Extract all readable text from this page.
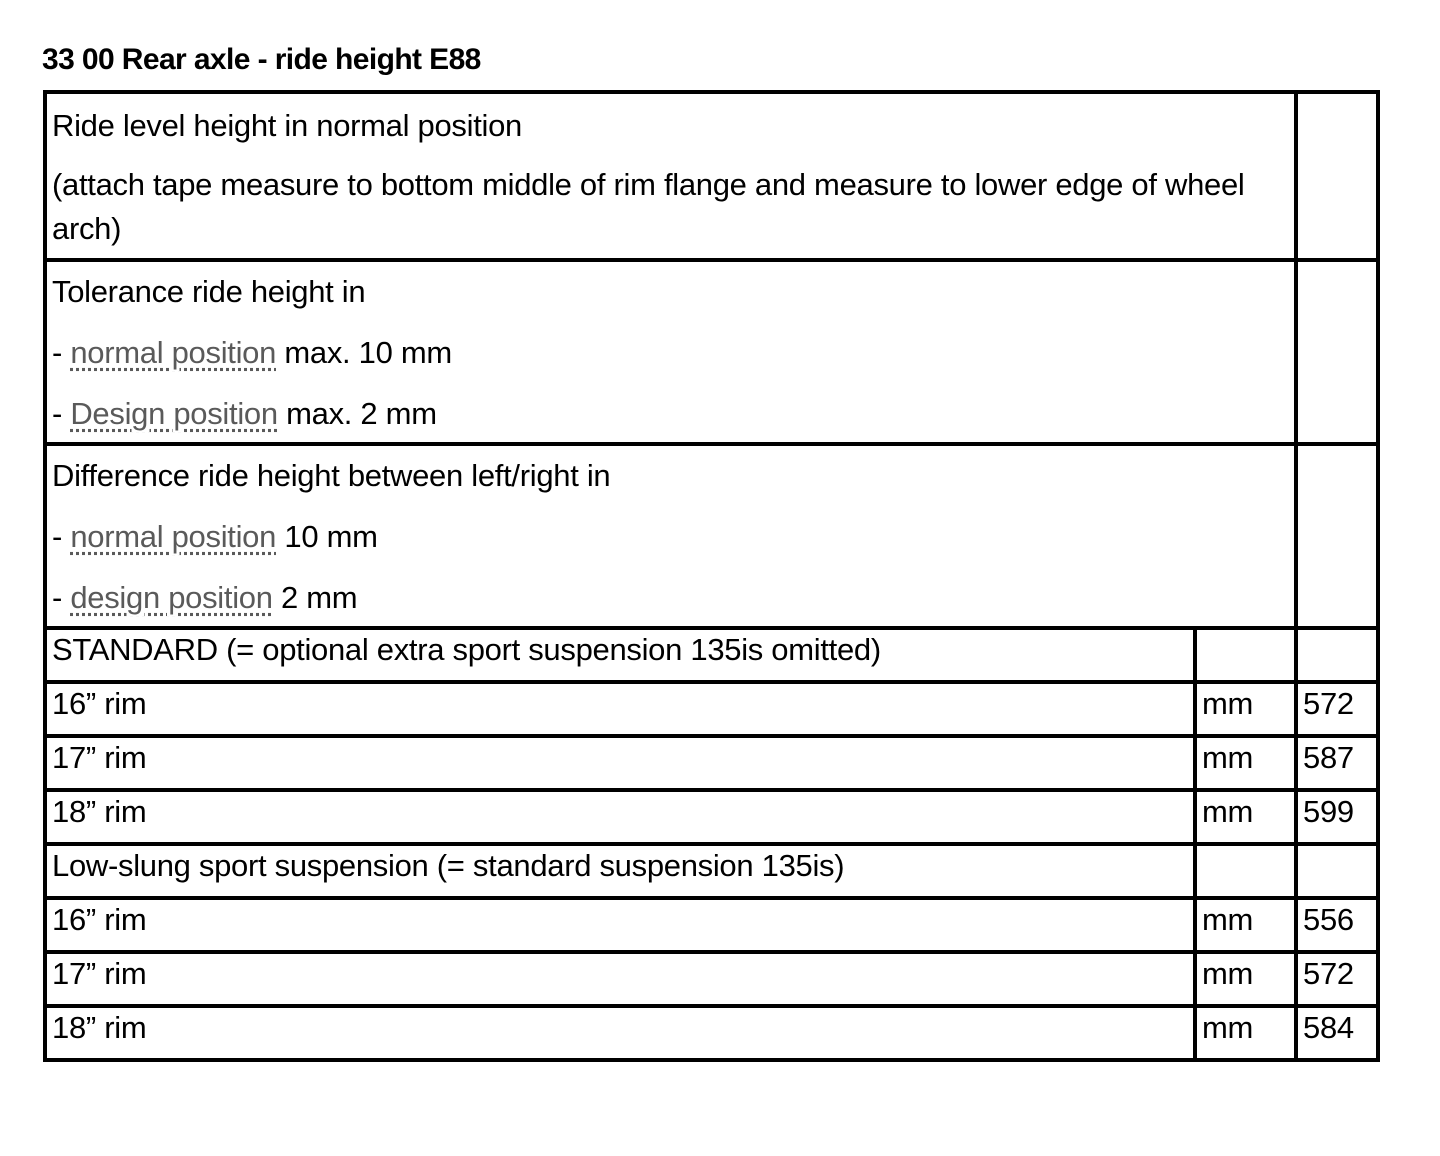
33 00 Rear axle - ride height E88

Ride level height in normal position

(attach tape measure to bottom middle of rim flange and measure to lower edge of wheel arch)		

Tolerance ride height in

- normal position max. 10 mm

- Design position max. 2 mm		

Difference ride height between left/right in

- normal position 10 mm

- design position 2 mm		

STANDARD (= optional extra sport suspension 135is omitted)		
16” rim	mm	572
17” rim	mm	587
18” rim	mm	599
Low-slung sport suspension (= standard suspension 135is)		
16” rim	mm	556
17” rim	mm	572
18” rim	mm	584
